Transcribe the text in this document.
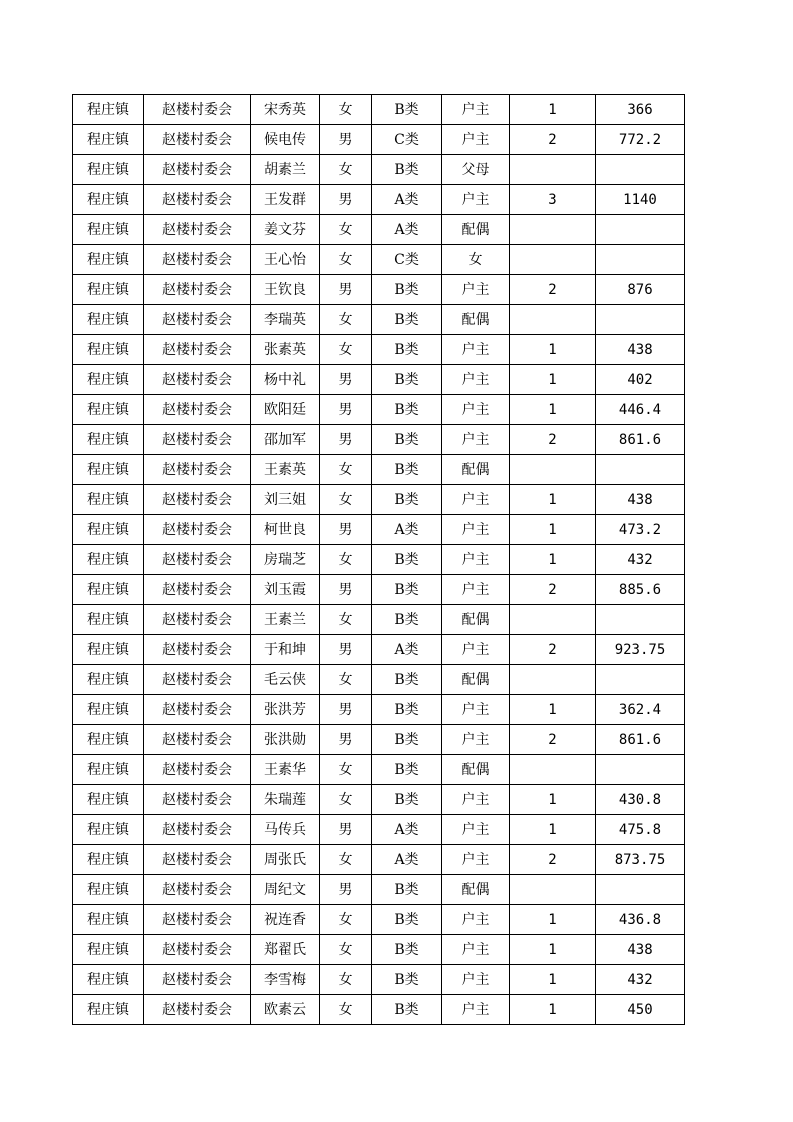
程庄镇	赵楼村委会	宋秀英	女	B类	户主	1	366
程庄镇	赵楼村委会	候电传	男	C类	户主	2	772.2
程庄镇	赵楼村委会	胡素兰	女	B类	父母		
程庄镇	赵楼村委会	王发群	男	A类	户主	3	1140
程庄镇	赵楼村委会	姜文芬	女	A类	配偶		
程庄镇	赵楼村委会	王心怡	女	C类	女		
程庄镇	赵楼村委会	王钦良	男	B类	户主	2	876
程庄镇	赵楼村委会	李瑞英	女	B类	配偶		
程庄镇	赵楼村委会	张素英	女	B类	户主	1	438
程庄镇	赵楼村委会	杨中礼	男	B类	户主	1	402
程庄镇	赵楼村委会	欧阳廷	男	B类	户主	1	446.4
程庄镇	赵楼村委会	邵加军	男	B类	户主	2	861.6
程庄镇	赵楼村委会	王素英	女	B类	配偶		
程庄镇	赵楼村委会	刘三姐	女	B类	户主	1	438
程庄镇	赵楼村委会	柯世良	男	A类	户主	1	473.2
程庄镇	赵楼村委会	房瑞芝	女	B类	户主	1	432
程庄镇	赵楼村委会	刘玉霞	男	B类	户主	2	885.6
程庄镇	赵楼村委会	王素兰	女	B类	配偶		
程庄镇	赵楼村委会	于和坤	男	A类	户主	2	923.75
程庄镇	赵楼村委会	毛云侠	女	B类	配偶		
程庄镇	赵楼村委会	张洪芳	男	B类	户主	1	362.4
程庄镇	赵楼村委会	张洪勋	男	B类	户主	2	861.6
程庄镇	赵楼村委会	王素华	女	B类	配偶		
程庄镇	赵楼村委会	朱瑞莲	女	B类	户主	1	430.8
程庄镇	赵楼村委会	马传兵	男	A类	户主	1	475.8
程庄镇	赵楼村委会	周张氏	女	A类	户主	2	873.75
程庄镇	赵楼村委会	周纪文	男	B类	配偶		
程庄镇	赵楼村委会	祝连香	女	B类	户主	1	436.8
程庄镇	赵楼村委会	郑翟氏	女	B类	户主	1	438
程庄镇	赵楼村委会	李雪梅	女	B类	户主	1	432
程庄镇	赵楼村委会	欧素云	女	B类	户主	1	450
